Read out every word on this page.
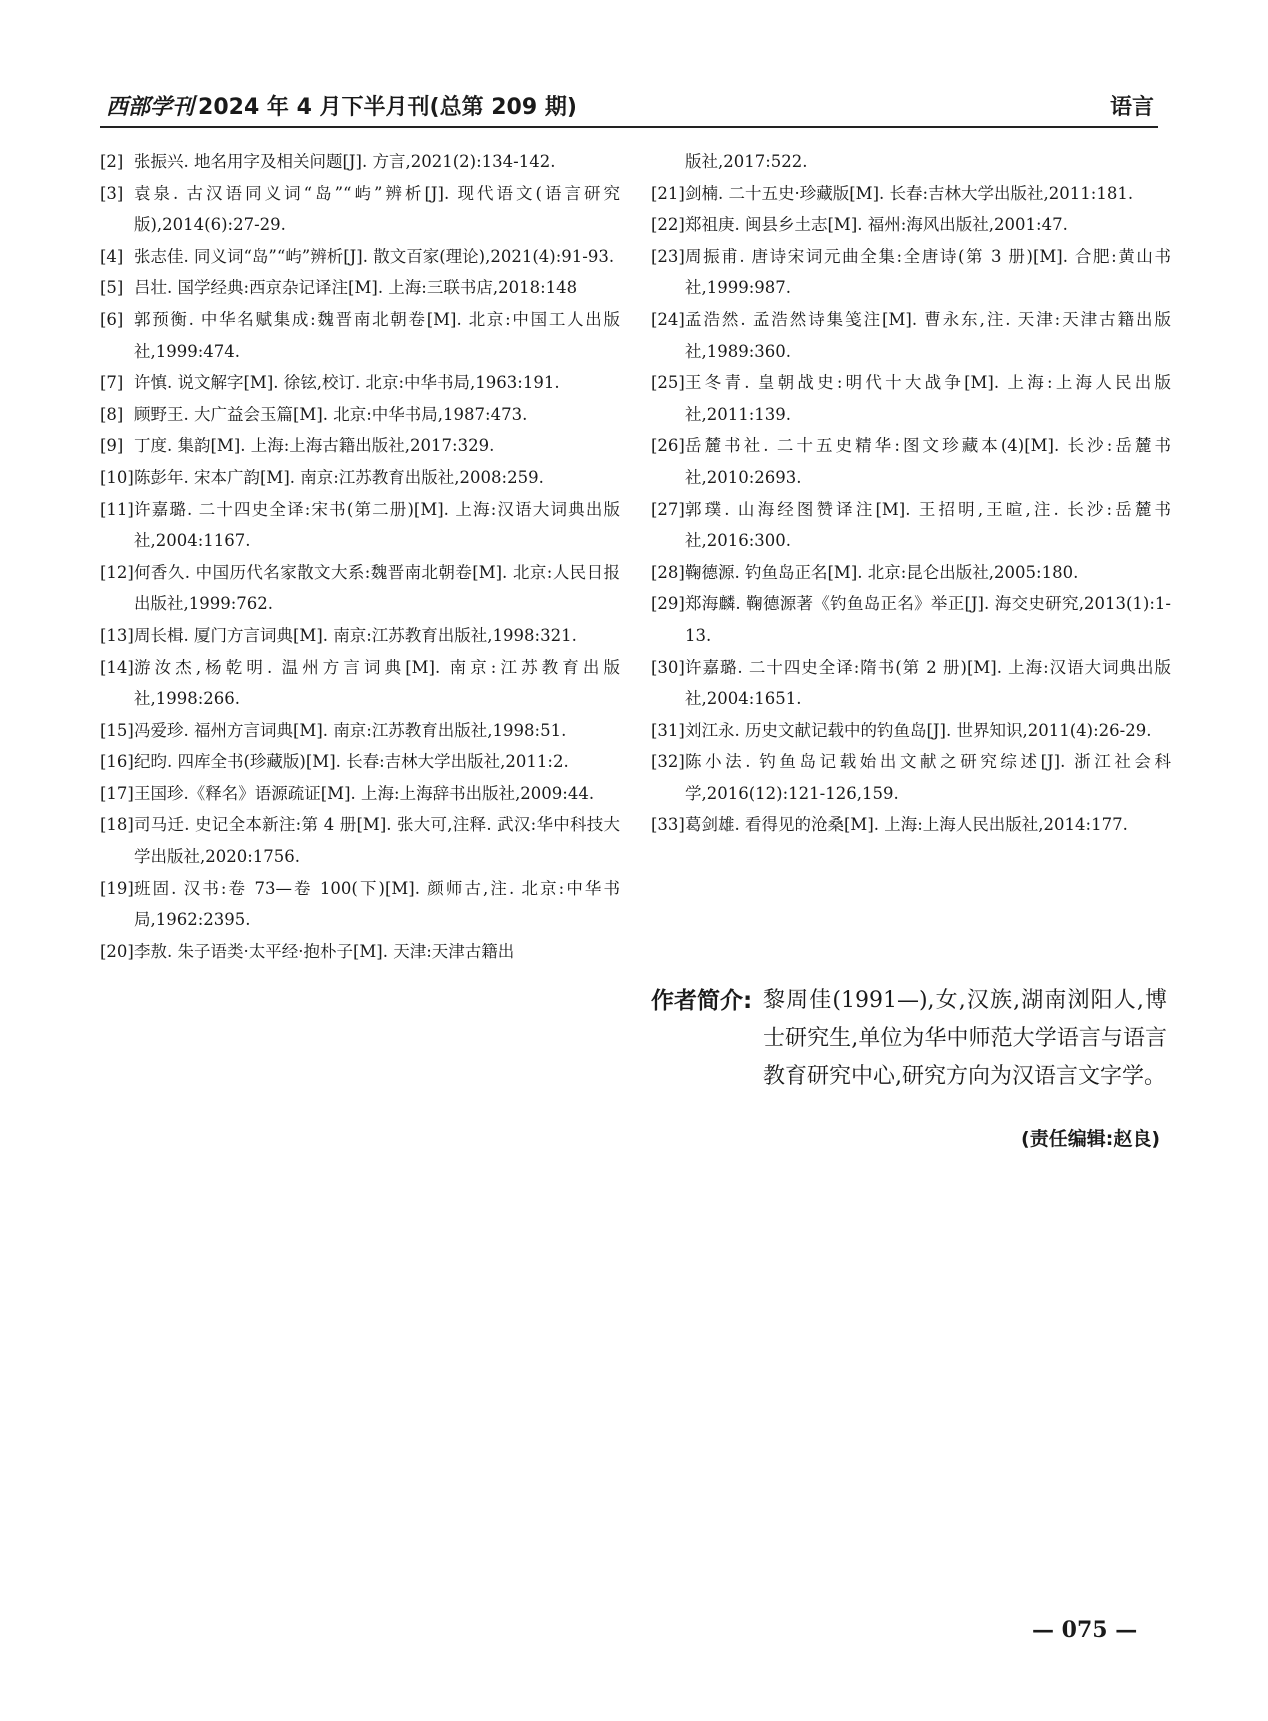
西部学刊 2024 年 4 月下半月刊(总第 209 期)	语言

[2] 张振兴. 地名用字及相关问题[J]. 方言,2021(2):134-142.

[3] 袁泉. 古汉语同义词“岛”“屿”辨析[J]. 现代语文(语言研究版),2014(6):27-29.

[4] 张志佳. 同义词“岛”“屿”辨析[J]. 散文百家(理论),2021(4):91-93.

[5] 吕壮. 国学经典:西京杂记译注[M]. 上海:三联书店,2018:148

[6] 郭预衡. 中华名赋集成:魏晋南北朝卷[M]. 北京:中国工人出版社,1999:474.

[7] 许慎. 说文解字[M]. 徐铉,校订. 北京:中华书局,1963:191.

[8] 顾野王. 大广益会玉篇[M]. 北京:中华书局,1987:473.

[9] 丁度. 集韵[M]. 上海:上海古籍出版社,2017:329.

[10] 陈彭年. 宋本广韵[M]. 南京:江苏教育出版社,2008:259.

[11] 许嘉璐. 二十四史全译:宋书(第二册)[M]. 上海:汉语大词典出版社,2004:1167.

[12] 何香久. 中国历代名家散文大系:魏晋南北朝卷[M]. 北京:人民日报出版社,1999:762.

[13] 周长楫. 厦门方言词典[M]. 南京:江苏教育出版社,1998:321.

[14] 游汝杰,杨乾明. 温州方言词典[M]. 南京:江苏教育出版社,1998:266.

[15] 冯爱珍. 福州方言词典[M]. 南京:江苏教育出版社,1998:51.

[16] 纪昀. 四库全书(珍藏版)[M]. 长春:吉林大学出版社,2011:2.

[17] 王国珍.《释名》语源疏证[M]. 上海:上海辞书出版社,2009:44.

[18] 司马迁. 史记全本新注:第 4 册[M]. 张大可,注释. 武汉:华中科技大学出版社,2020:1756.

[19] 班固. 汉书:卷 73—卷 100(下)[M]. 颜师古,注. 北京:中华书局,1962:2395.

[20] 李敖. 朱子语类·太平经·抱朴子[M]. 天津:天津古籍出

版社,2017:522.

[21] 剑楠. 二十五史·珍藏版[M]. 长春:吉林大学出版社,2011:181.

[22] 郑祖庚. 闽县乡土志[M]. 福州:海风出版社,2001:47.

[23] 周振甫. 唐诗宋词元曲全集:全唐诗(第 3 册)[M]. 合肥:黄山书社,1999:987.

[24] 孟浩然. 孟浩然诗集笺注[M]. 曹永东,注. 天津:天津古籍出版社,1989:360.

[25] 王冬青. 皇朝战史:明代十大战争[M]. 上海:上海人民出版社,2011:139.

[26] 岳麓书社. 二十五史精华:图文珍藏本(4)[M]. 长沙:岳麓书社,2010:2693.

[27] 郭璞. 山海经图赞译注[M]. 王招明,王暄,注. 长沙:岳麓书社,2016:300.

[28] 鞠德源. 钓鱼岛正名[M]. 北京:昆仑出版社,2005:180.

[29] 郑海麟. 鞠德源著《钓鱼岛正名》举正[J]. 海交史研究,2013(1):1-13.

[30] 许嘉璐. 二十四史全译:隋书(第 2 册)[M]. 上海:汉语大词典出版社,2004:1651.

[31] 刘江永. 历史文献记载中的钓鱼岛[J]. 世界知识,2011(4):26-29.

[32] 陈小法. 钓鱼岛记载始出文献之研究综述[J]. 浙江社会科学,2016(12):121-126,159.

[33] 葛剑雄. 看得见的沧桑[M]. 上海:上海人民出版社,2014:177.

作者简介: 黎周佳(1991—),女,汉族,湖南浏阳人,博士研究生,单位为华中师范大学语言与语言教育研究中心,研究方向为汉语言文字学。
(责任编辑:赵良)
— 075 —
